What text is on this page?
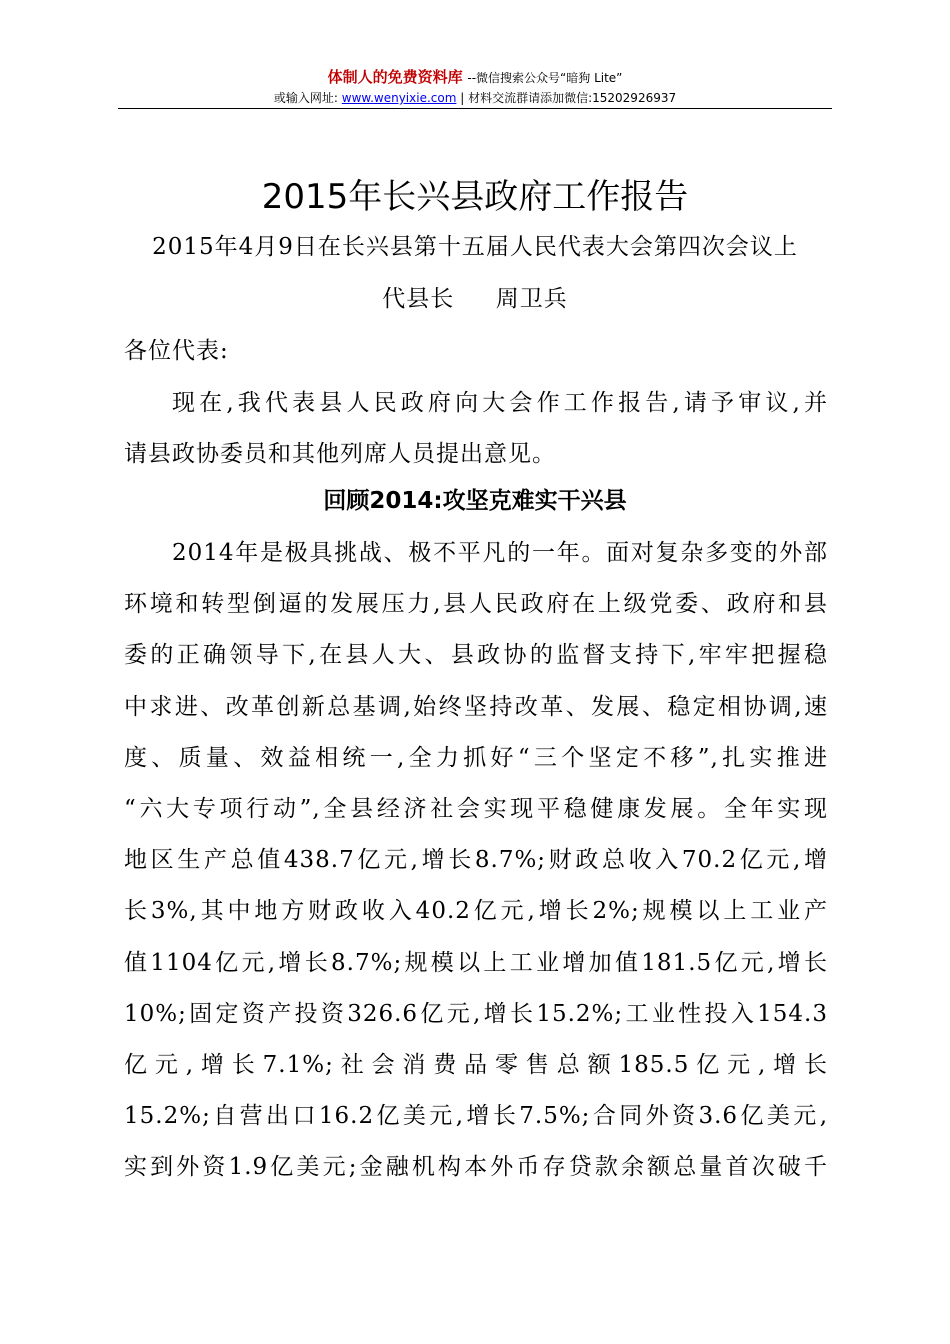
体制人的免费资料库 --微信搜索公众号“暗狗 Lite”
或输入网址: www.wenyixie.com | 材料交流群请添加微信:15202926937
2015年长兴县政府工作报告
2015年4月9日在长兴县第十五届人民代表大会第四次会议上
代县长     周卫兵
各位代表:
现在,我代表县人民政府向大会作工作报告,请予审议,并
请县政协委员和其他列席人员提出意见。
回顾2014:攻坚克难实干兴县
2014年是极具挑战、极不平凡的一年。面对复杂多变的外部
环境和转型倒逼的发展压力,县人民政府在上级党委、政府和县
委的正确领导下,在县人大、县政协的监督支持下,牢牢把握稳
中求进、改革创新总基调,始终坚持改革、发展、稳定相协调,速
度、质量、效益相统一,全力抓好“三个坚定不移”,扎实推进
“六大专项行动”,全县经济社会实现平稳健康发展。全年实现
地区生产总值438.7亿元,增长8.7%;财政总收入70.2亿元,增
长3%,其中地方财政收入40.2亿元,增长2%;规模以上工业产
值1104亿元,增长8.7%;规模以上工业增加值181.5亿元,增长
10%;固定资产投资326.6亿元,增长15.2%;工业性投入154.3
亿元,增长7.1%;社会消费品零售总额185.5亿元,增长
15.2%;自营出口16.2亿美元,增长7.5%;合同外资3.6亿美元,
实到外资1.9亿美元;金融机构本外币存贷款余额总量首次破千
